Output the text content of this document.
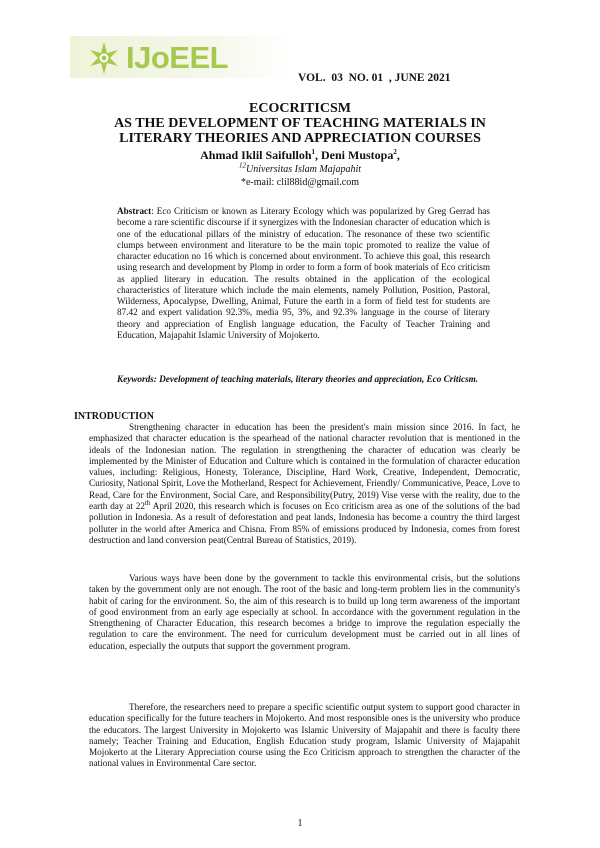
IJoEEL
VOL.  03  NO. 01  , JUNE 2021
ECOCRITICSM
AS THE DEVELOPMENT OF TEACHING MATERIALS IN
LITERARY THEORIES AND APPRECIATION COURSES
Ahmad Iklil Saifulloh$^1$, Deni Mustopa$^2$,
$^{12}$Universitas Islam Majapahit
*e-mail: clil88id@gmail.com

Abstract: Eco Criticism or known as Literary Ecology which was popularized by Greg Gerrad has become a rare scientific discourse if it synergizes with the Indonesian character of education which is one of the educational pillars of the ministry of education. The resonance of these two scientific clumps between environment and literature to be the main topic promoted to realize the value of character education no 16 which is concerned about environment. To achieve this goal, this research using research and development by Plomp in order to form a form of book materials of Eco criticism as applied literary in education. The results obtained in the application of the ecological characteristics of literature which include the main elements, namely Pollution, Position, Pastoral, Wilderness, Apocalypse, Dwelling, Animal, Future the earth in a form of field test for students are 87.42 and expert validation 92.3%, media 95, 3%, and 92.3% language in the course of literary theory and appreciation of English language education, the Faculty of Teacher Training and Education, Majapahit Islamic University of Mojokerto.

Keywords: Development of teaching materials, literary theories and appreciation, Eco Criticsm.

INTRODUCTION

Strengthening character in education has been the president's main mission since 2016. In fact, he emphasized that character education is the spearhead of the national character revolution that is mentioned in the ideals of the Indonesian nation. The regulation in strengthening the character of education was clearly be implemented by the Minister of Education and Culture which is contained in the formulation of character education values, including: Religious, Honesty, Tolerance, Discipline, Hard Work, Creative, Independent, Democratic, Curiosity, National Spirit, Love the Motherland, Respect for Achievement, Friendly/ Communicative, Peace, Love to Read, Care for the Environment, Social Care, and Responsibility(Putry, 2019) Vise verse with the reality, due to the earth day at 22th April 2020, this research which is focuses on Eco criticism area as one of the solutions of the bad pollution in Indonesia. As a result of deforestation and peat lands, Indonesia has become a country the third largest polluter in the world after America and Chisna. From 85% of emissions produced by Indonesia, comes from forest destruction and land conversion peat(Central Bureau of Statistics, 2019).

Various ways have been done by the government to tackle this environmental crisis, but the solutions taken by the government only are not enough. The root of the basic and long-term problem lies in the community's habit of caring for the environment. So, the aim of this research is to build up long term awareness of the important of good environment from an early age especially at school. In accordance with the government regulation in the Strengthening of Character Education, this research becomes a bridge to improve the regulation especially the regulation to care the environment. The need for curriculum development must be carried out in all lines of education, especially the outputs that support the government program.

Therefore, the researchers need to prepare a specific scientific output system to support good character in education specifically for the future teachers in Mojokerto. And most responsible ones is the university who produce the educators. The largest University in Mojokerto was Islamic University of Majapahit and there is faculty there namely; Teacher Training and Education, English Education study program, Islamic University of Majapahit Mojokerto at the Literary Appreciation course using the Eco Criticism approach to strengthen the character of the national values in Environmental Care sector.

1
